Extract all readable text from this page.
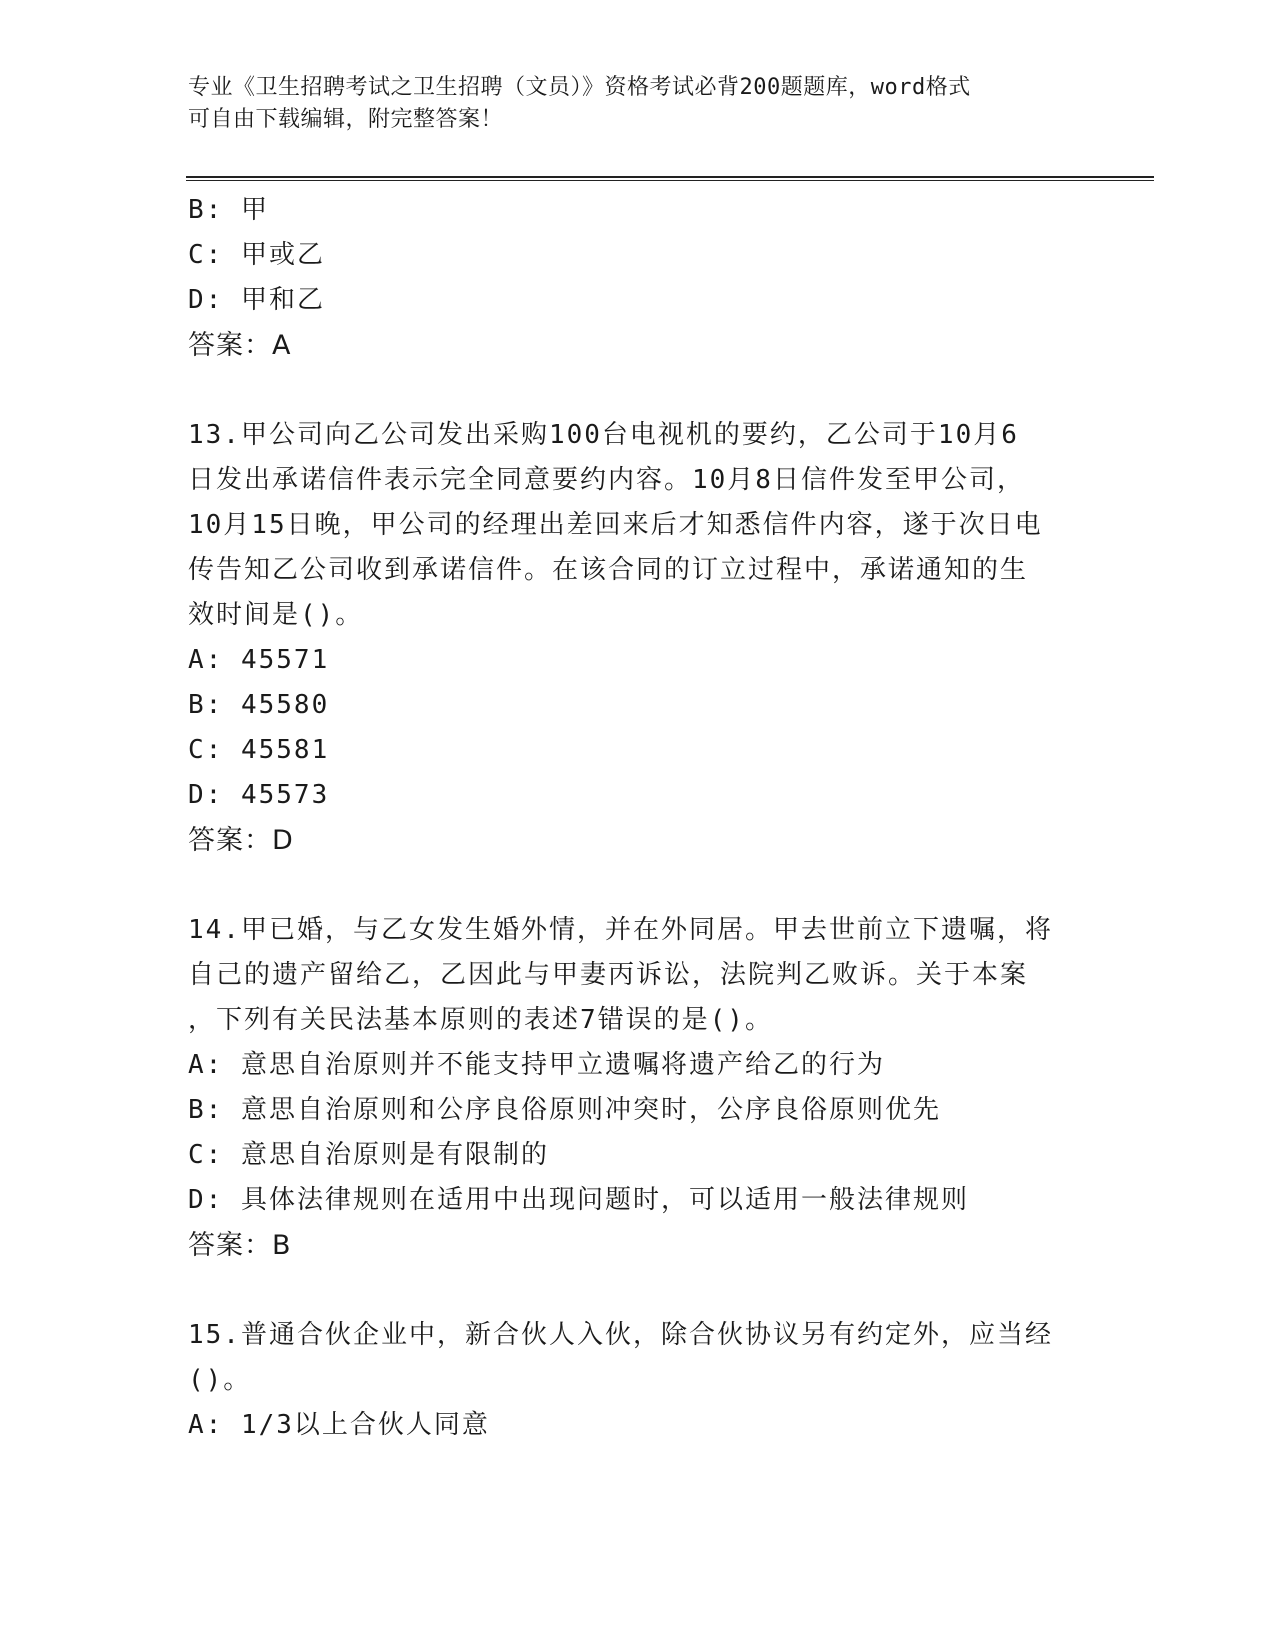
专业《卫生招聘考试之卫生招聘（文员）》资格考试必背200题题库，word格式
可自由下载编辑，附完整答案！
B: 甲
C: 甲或乙
D: 甲和乙
答案：A
13.甲公司向乙公司发出采购100台电视机的要约，乙公司于10月6
日发出承诺信件表示完全同意要约内容。10月8日信件发至甲公司，
10月15日晚，甲公司的经理出差回来后才知悉信件内容，遂于次日电
传告知乙公司收到承诺信件。在该合同的订立过程中，承诺通知的生
效时间是()。
A: 45571
B: 45580
C: 45581
D: 45573
答案：D
14.甲已婚，与乙女发生婚外情，并在外同居。甲去世前立下遗嘱，将
自己的遗产留给乙，乙因此与甲妻丙诉讼，法院判乙败诉。关于本案
，下列有关民法基本原则的表述7错误的是()。
A: 意思自治原则并不能支持甲立遗嘱将遗产给乙的行为
B: 意思自治原则和公序良俗原则冲突时，公序良俗原则优先
C: 意思自治原则是有限制的
D: 具体法律规则在适用中出现问题时，可以适用一般法律规则
答案：B
15.普通合伙企业中，新合伙人入伙，除合伙协议另有约定外，应当经
()。
A: 1/3以上合伙人同意
